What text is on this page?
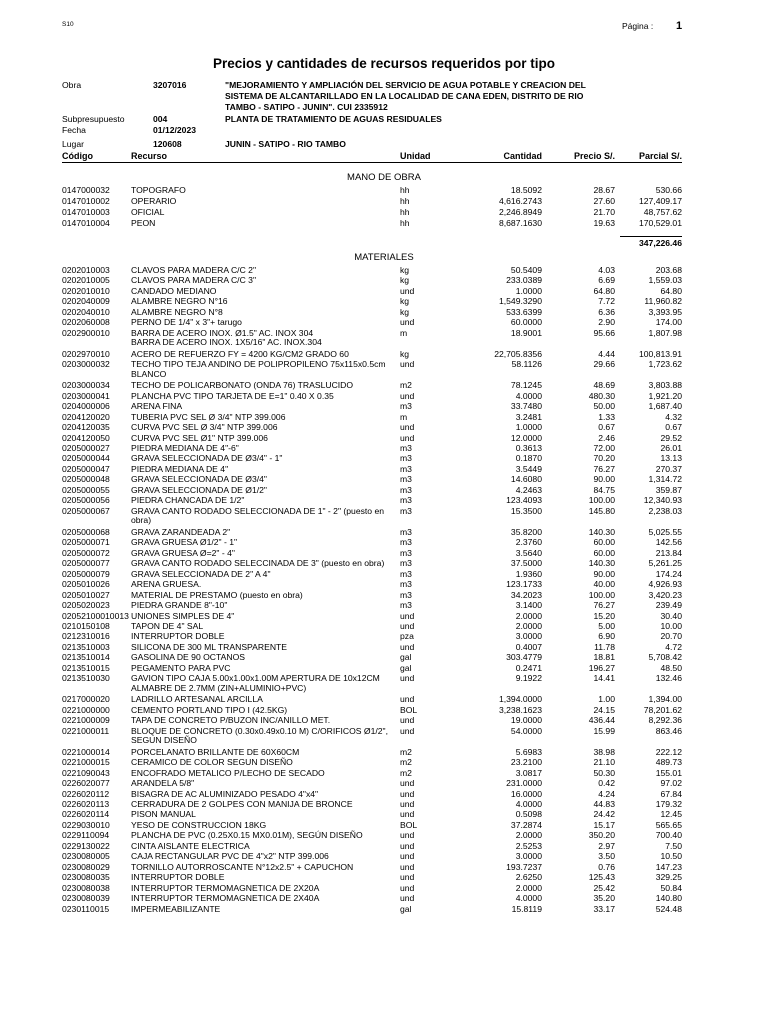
S10	Página : 1
Precios y cantidades de recursos requeridos por tipo
Obra	3207016	"MEJORAMIENTO Y AMPLIACIÓN DEL SERVICIO DE AGUA POTABLE Y CREACION DEL
SISTEMA DE ALCANTARILLADO EN LA LOCALIDAD DE CANA EDEN, DISTRITO DE RIO
TAMBO - SATIPO - JUNIN". CUI 2335912
Subpresupuesto	004	PLANTA DE TRATAMIENTO DE AGUAS RESIDUALES
Fecha	01/12/2023
Lugar	120608	JUNIN - SATIPO - RIO TAMBO
Código	Recurso	Unidad	Cantidad	Precio S/.	Parcial S/.
MANO DE OBRA
0147000032 TOPOGRAFO	hh	18.5092	28.67	530.66
0147010002 OPERARIO	hh	4,616.2743	27.60	127,409.17
0147010003 OFICIAL	hh	2,246.8949	21.70	48,757.62
0147010004 PEON	hh	8,687.1630	19.63	170,529.01
347,226.46
MATERIALES
0202010003 CLAVOS PARA MADERA C/C 2"	kg	50.5409	4.03	203.68
0202010005 CLAVOS PARA MADERA C/C 3"	kg	233.0389	6.69	1,559.03
0202010010 CANDADO MEDIANO	und	1.0000	64.80	64.80
0202040009 ALAMBRE NEGRO N°16	kg	1,549.3290	7.72	11,960.82
0202040010 ALAMBRE NEGRO N°8	kg	533.6399	6.36	3,393.95
0202060008 PERNO DE 1/4" x 3"+ tarugo	und	60.0000	2.90	174.00
0202900010 BARRA DE ACERO INOX. Ø1.5" AC. INOX 304	m	18.9001	95.66	1,807.98
BARRA DE ACERO INOX. 1X5/16" AC. INOX.304
0202970010 ACERO DE REFUERZO FY = 4200 KG/CM2 GRADO 60	kg	22,705.8356	4.44	100,813.91
0203000032 TECHO TIPO TEJA ANDINO DE POLIPROPILENO 75x115x0.5cm und	58.1126	29.66	1,723.62
BLANCO
0203000034 TECHO DE POLICARBONATO (ONDA 76) TRASLUCIDO	m2	78.1245	48.69	3,803.88
0203000041 PLANCHA PVC TIPO TARJETA DE E=1" 0.40 X 0.35	und	4.0000	480.30	1,921.20
0204000006 ARENA FINA	m3	33.7480	50.00	1,687.40
0204120020 TUBERIA PVC SEL Ø 3/4" NTP 399.006	m	3.2481	1.33	4.32
0204120035 CURVA PVC SEL Ø 3/4" NTP 399.006	und	1.0000	0.67	0.67
0204120050 CURVA PVC SEL Ø1" NTP 399.006	und	12.0000	2.46	29.52
0205000027 PIEDRA MEDIANA DE 4"-6"	m3	0.3613	72.00	26.01
0205000044 GRAVA SELECCIONADA DE Ø3/4" - 1"	m3	0.1870	70.20	13.13
0205000047 PIEDRA MEDIANA DE 4"	m3	3.5449	76.27	270.37
0205000048 GRAVA SELECCIONADA DE Ø3/4"	m3	14.6080	90.00	1,314.72
0205000055 GRAVA SELECCIONADA DE Ø1/2"	m3	4.2463	84.75	359.87
0205000056 PIEDRA CHANCADA DE 1/2"	m3	123.4093	100.00	12,340.93
0205000067 GRAVA CANTO RODADO SELECCIONADA DE 1" - 2" (puesto en m3	15.3500	145.80	2,238.03
obra)
0205000068 GRAVA ZARANDEADA 2"	m3	35.8200	140.30	5,025.55
0205000071 GRAVA GRUESA Ø1/2" - 1"	m3	2.3760	60.00	142.56
0205000072 GRAVA GRUESA Ø=2" - 4"	m3	3.5640	60.00	213.84
0205000077 GRAVA CANTO RODADO SELECCINADA DE 3" (puesto en obra) m3	37.5000	140.30	5,261.25
0205000079 GRAVA SELECCIONADA DE 2" A 4"	m3	1.9360	90.00	174.24
0205010026 ARENA GRUESA.	m3	123.1733	40.00	4,926.93
0205010027 MATERIAL DE PRESTAMO (puesto en obra)	m3	34.2023	100.00	3,420.23
0205020023 PIEDRA GRANDE 8"-10"	m3	3.1400	76.27	239.49
02052100010013 UNIONES SIMPLES DE 4"	und	2.0000	15.20	30.40
0210150108 TAPON DE 4" SAL	und	2.0000	5.00	10.00
0212310016 INTERRUPTOR DOBLE	pza	3.0000	6.90	20.70
0213510003 SILICONA DE 300 ML TRANSPARENTE	und	0.4007	11.78	4.72
0213510014 GASOLINA DE 90 OCTANOS	gal	303.4779	18.81	5,708.42
0213510015 PEGAMENTO PARA PVC	gal	0.2471	196.27	48.50
0213510030 GAVION TIPO CAJA 5.00x1.00x1.00M APERTURA DE 10x12CM und	9.1922	14.41	132.46
ALMABRE DE 2.7MM (ZIN+ALUMINIO+PVC)
0217000020 LADRILLO ARTESANAL ARCILLA	und	1,394.0000	1.00	1,394.00
0221000000 CEMENTO PORTLAND TIPO I (42.5KG)	BOL	3,238.1623	24.15	78,201.62
0221000009 TAPA DE CONCRETO P/BUZON INC/ANILLO MET.	und	19.0000	436.44	8,292.36
0221000011	BLOQUE DE CONCRETO (0.30x0.49x0.10 M) C/ORIFICOS Ø1/2", und	54.0000	15.99	863.46
SEGUN DISEÑO
0221000014 PORCELANATO BRILLANTE DE 60X60CM	m2	5.6983	38.98	222.12
0221000015 CERAMICO DE COLOR SEGUN DISEÑO	m2	23.2100	21.10	489.73
0221090043 ENCOFRADO METALICO P/LECHO DE SECADO	m2	3.0817	50.30	155.01
0226020077 ARANDELA 5/8"	und	231.0000	0.42	97.02
0226020112	BISAGRA DE AC ALUMINIZADO PESADO 4"x4"	und	16.0000	4.24	67.84
0226020113	CERRADURA DE 2 GOLPES CON MANIJA DE BRONCE	und	4.0000	44.83	179.32
0226020114	PISON MANUAL	und	0.5098	24.42	12.45
0229030010 YESO DE CONSTRUCCION 18KG	BOL	37.2874	15.17	565.65
0229110094	PLANCHA DE PVC (0.25X0.15 MX0.01M), SEGÚN DISEÑO	und	2.0000	350.20	700.40
0229130022 CINTA AISLANTE ELECTRICA	und	2.5253	2.97	7.50
0230080005 CAJA RECTANGULAR PVC DE 4"x2" NTP 399.006	und	3.0000	3.50	10.50
0230080029 TORNILLO AUTORROSCANTE N°12x2.5" + CAPUCHON	und	193.7237	0.76	147.23
0230080035 INTERRUPTOR DOBLE	und	2.6250	125.43	329.25
0230080038 INTERRUPTOR TERMOMAGNETICA DE 2X20A	und	2.0000	25.42	50.84
0230080039 INTERRUPTOR TERMOMAGNETICA DE 2X40A	und	4.0000	35.20	140.80
0230110015	IMPERMEABILIZANTE	gal	15.8119	33.17	524.48
